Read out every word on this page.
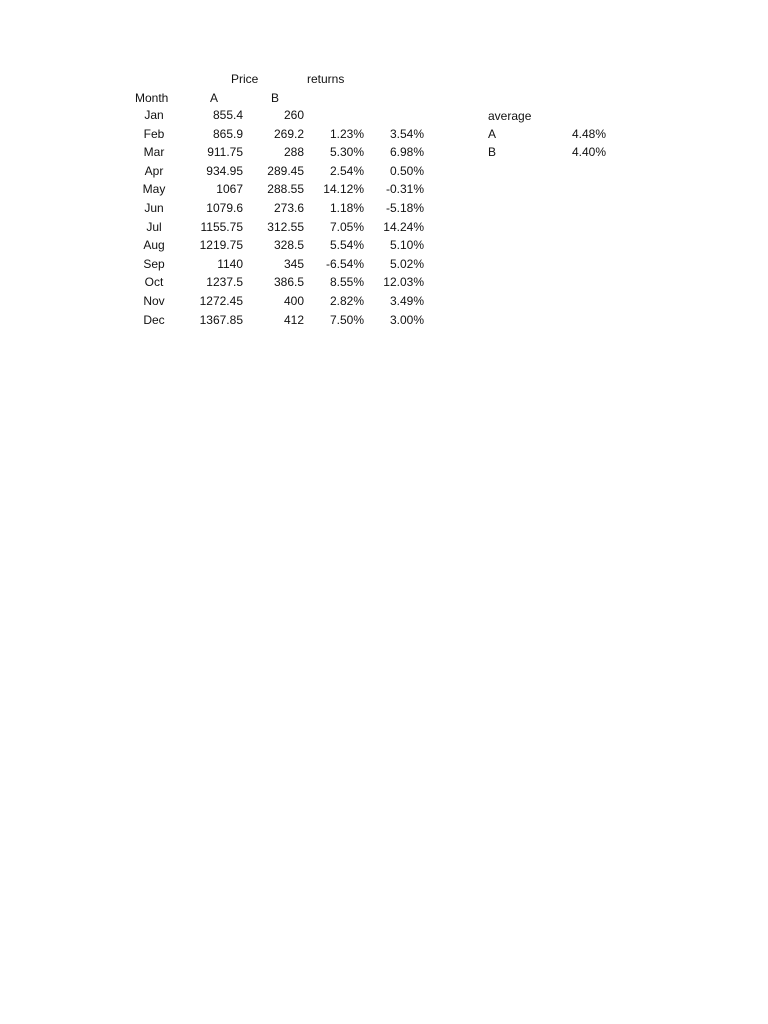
Price	returns
Month	A	B
Jan	855.4	260
Feb	865.9	269.2	1.23%	3.54%
Mar	911.75	288	5.30%	6.98%
Apr	934.95	289.45	2.54%	0.50%
May	1067	288.55	14.12%	-0.31%
Jun	1079.6	273.6	1.18%	-5.18%
Jul	1155.75	312.55	7.05%	14.24%
Aug	1219.75	328.5	5.54%	5.10%
Sep	1140	345	-6.54%	5.02%
Oct	1237.5	386.5	8.55%	12.03%
Nov	1272.45	400	2.82%	3.49%
Dec	1367.85	412	7.50%	3.00%
average
A	4.48%
B	4.40%
